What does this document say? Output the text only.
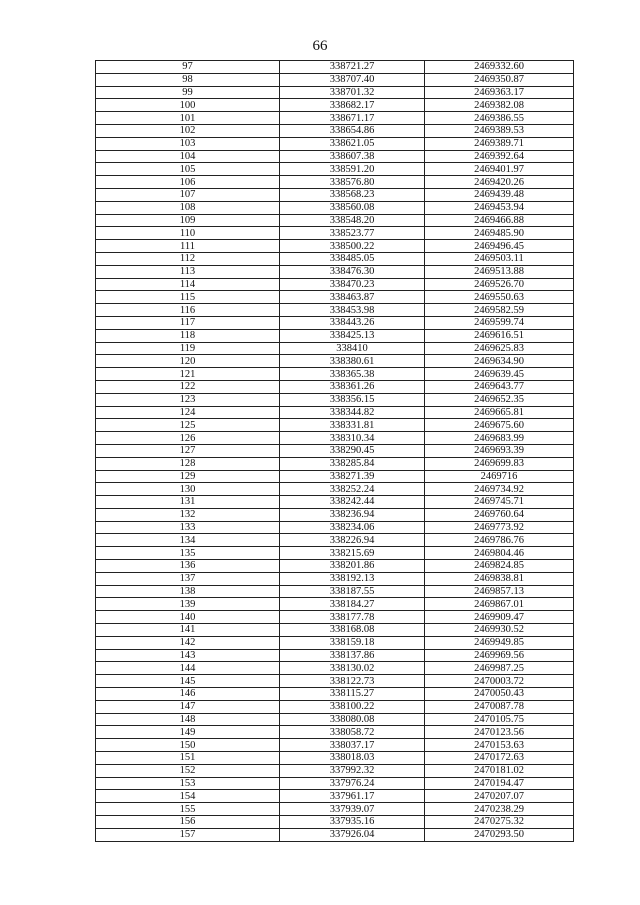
66
97	338721.27	2469332.60
98	338707.40	2469350.87
99	338701.32	2469363.17
100	338682.17	2469382.08
101	338671.17	2469386.55
102	338654.86	2469389.53
103	338621.05	2469389.71
104	338607.38	2469392.64
105	338591.20	2469401.97
106	338576.80	2469420.26
107	338568.23	2469439.48
108	338560.08	2469453.94
109	338548.20	2469466.88
110	338523.77	2469485.90
111	338500.22	2469496.45
112	338485.05	2469503.11
113	338476.30	2469513.88
114	338470.23	2469526.70
115	338463.87	2469550.63
116	338453.98	2469582.59
117	338443.26	2469599.74
118	338425.13	2469616.51
119	338410	2469625.83
120	338380.61	2469634.90
121	338365.38	2469639.45
122	338361.26	2469643.77
123	338356.15	2469652.35
124	338344.82	2469665.81
125	338331.81	2469675.60
126	338310.34	2469683.99
127	338290.45	2469693.39
128	338285.84	2469699.83
129	338271.39	2469716
130	338252.24	2469734.92
131	338242.44	2469745.71
132	338236.94	2469760.64
133	338234.06	2469773.92
134	338226.94	2469786.76
135	338215.69	2469804.46
136	338201.86	2469824.85
137	338192.13	2469838.81
138	338187.55	2469857.13
139	338184.27	2469867.01
140	338177.78	2469909.47
141	338168.08	2469930.52
142	338159.18	2469949.85
143	338137.86	2469969.56
144	338130.02	2469987.25
145	338122.73	2470003.72
146	338115.27	2470050.43
147	338100.22	2470087.78
148	338080.08	2470105.75
149	338058.72	2470123.56
150	338037.17	2470153.63
151	338018.03	2470172.63
152	337992.32	2470181.02
153	337976.24	2470194.47
154	337961.17	2470207.07
155	337939.07	2470238.29
156	337935.16	2470275.32
157	337926.04	2470293.50
